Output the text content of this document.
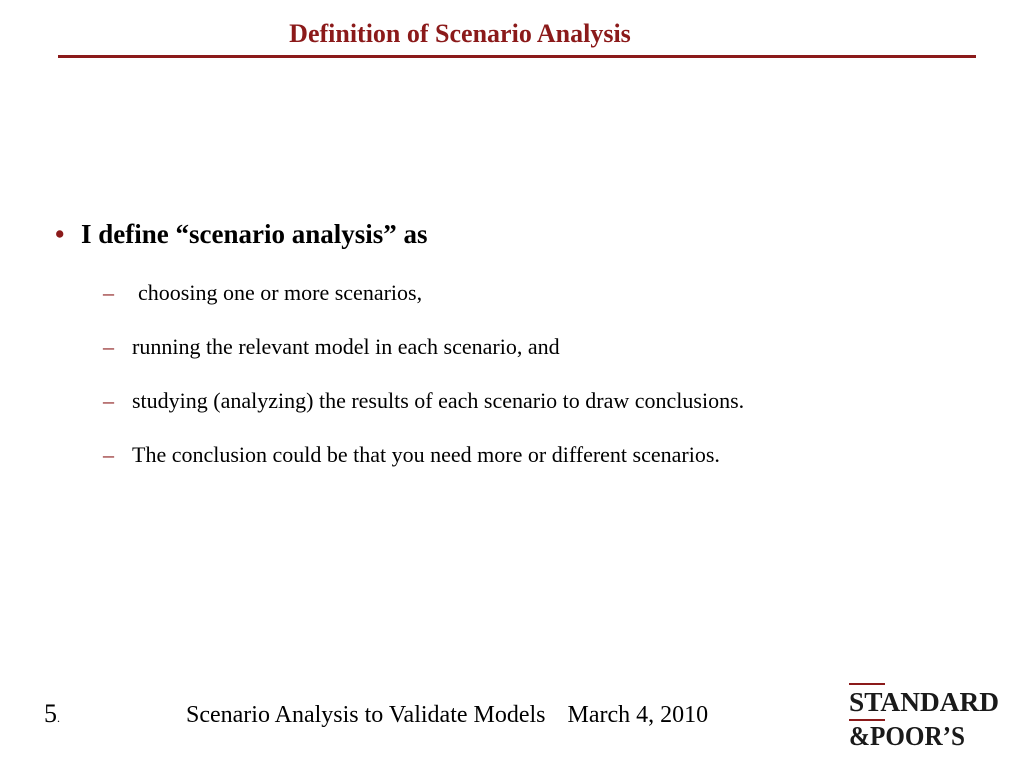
Definition of Scenario Analysis
• I define “scenario analysis” as
– choosing one or more scenarios,
– running the relevant model in each scenario, and
– studying (analyzing) the results of each scenario to draw conclusions.
– The conclusion could be that you need more or different scenarios.
5.	Scenario Analysis to Validate Models March 4, 2010	STANDARD
&POOR’S
